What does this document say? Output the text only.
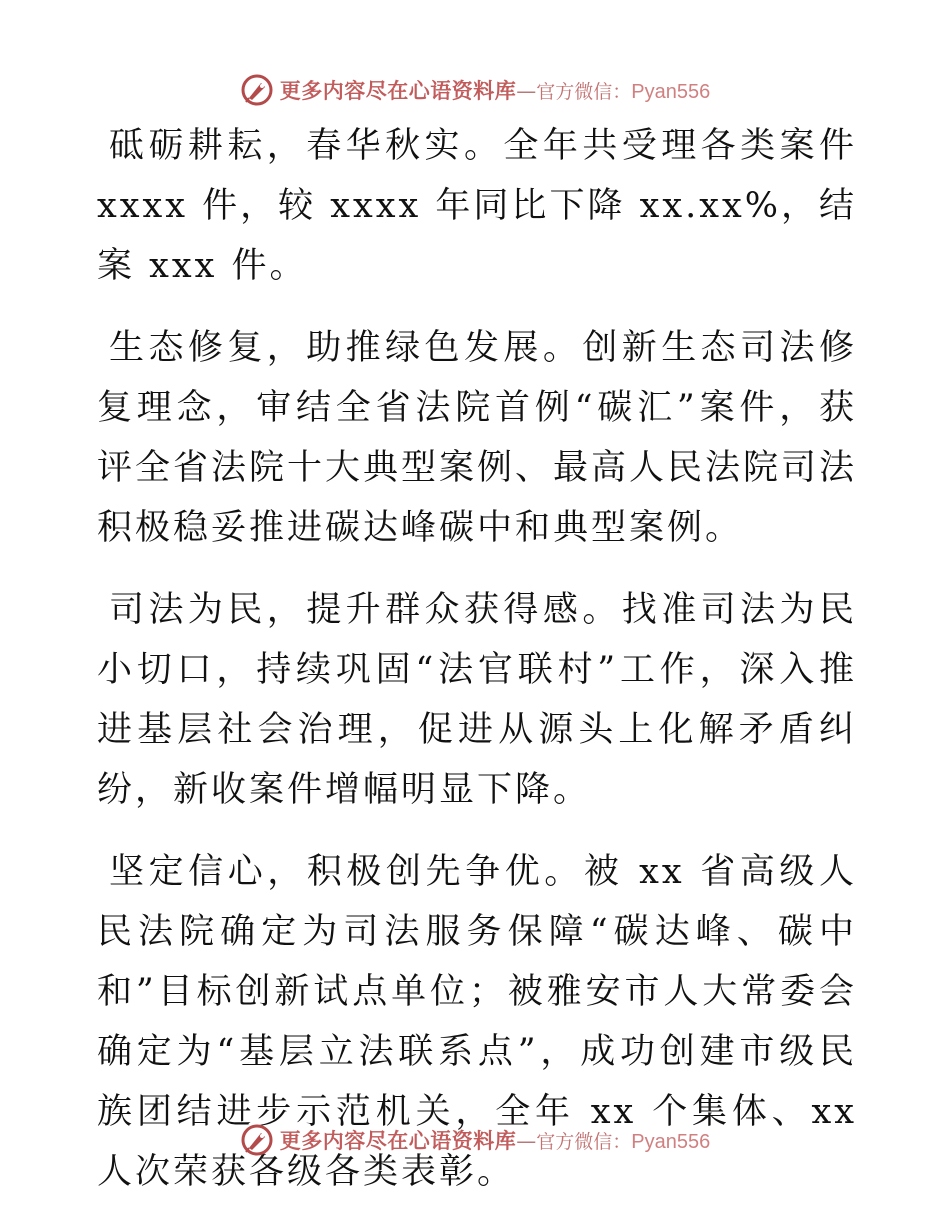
更多内容尽在心语资料库 — 官方微信： Pyan556

砥砺耕耘，春华秋实。全年共受理各类案件 xxxx 件，较 xxxx 年同比下降 xx.xx%，结案 xxx 件。

生态修复，助推绿色发展。创新生态司法修复理念，审结全省法院首例“碳汇”案件，获评全省法院十大典型案例、最高人民法院司法积极稳妥推进碳达峰碳中和典型案例。

司法为民，提升群众获得感。找准司法为民小切口，持续巩固“法官联村”工作，深入推进基层社会治理，促进从源头上化解矛盾纠纷，新收案件增幅明显下降。

坚定信心，积极创先争优。被 xx 省高级人民法院确定为司法服务保障“碳达峰、碳中和”目标创新试点单位；被雅安市人大常委会确定为“基层立法联系点”，成功创建市级民族团结进步示范机关，全年 xx 个集体、xx 人次荣获各级各类表彰。

更多内容尽在心语资料库 — 官方微信： Pyan556
